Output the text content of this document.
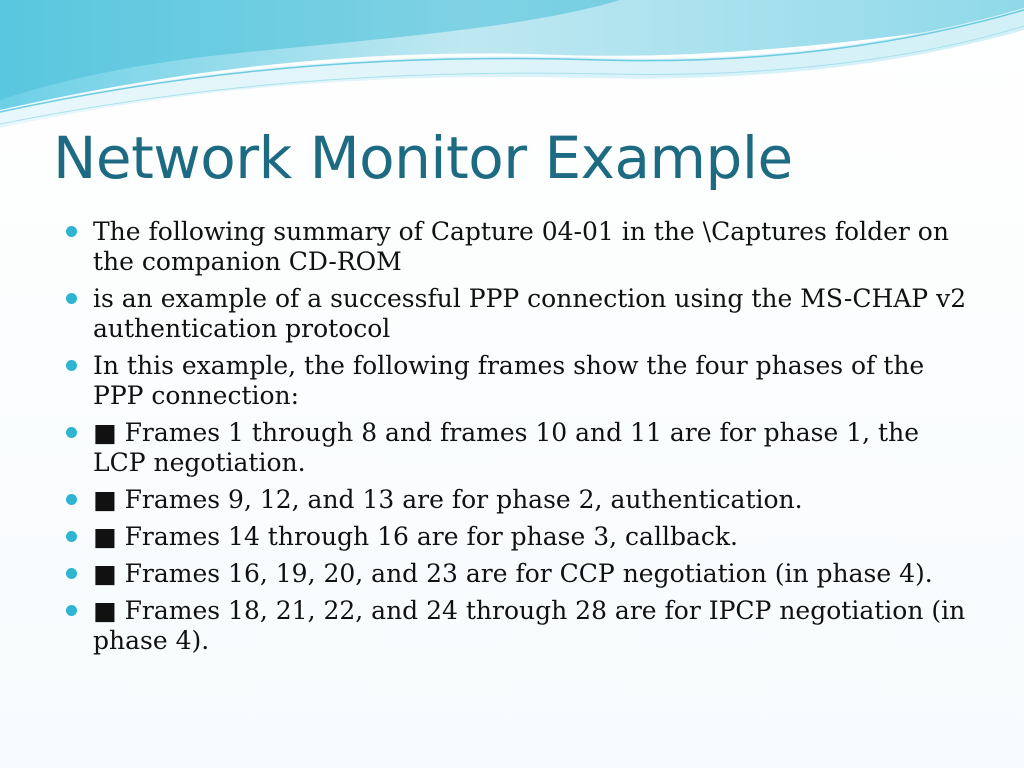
Network Monitor Example
The following summary of Capture 04-01 in the \Captures folder on the companion CD-ROM
is an example of a successful PPP connection using the MS-CHAP v2 authentication protocol
In this example, the following frames show the four phases of the PPP connection:
■ Frames 1 through 8 and frames 10 and 11 are for phase 1, the LCP negotiation.
■ Frames 9, 12, and 13 are for phase 2, authentication.
■ Frames 14 through 16 are for phase 3, callback.
■ Frames 16, 19, 20, and 23 are for CCP negotiation (in phase 4).
■ Frames 18, 21, 22, and 24 through 28 are for IPCP negotiation (in phase 4).
